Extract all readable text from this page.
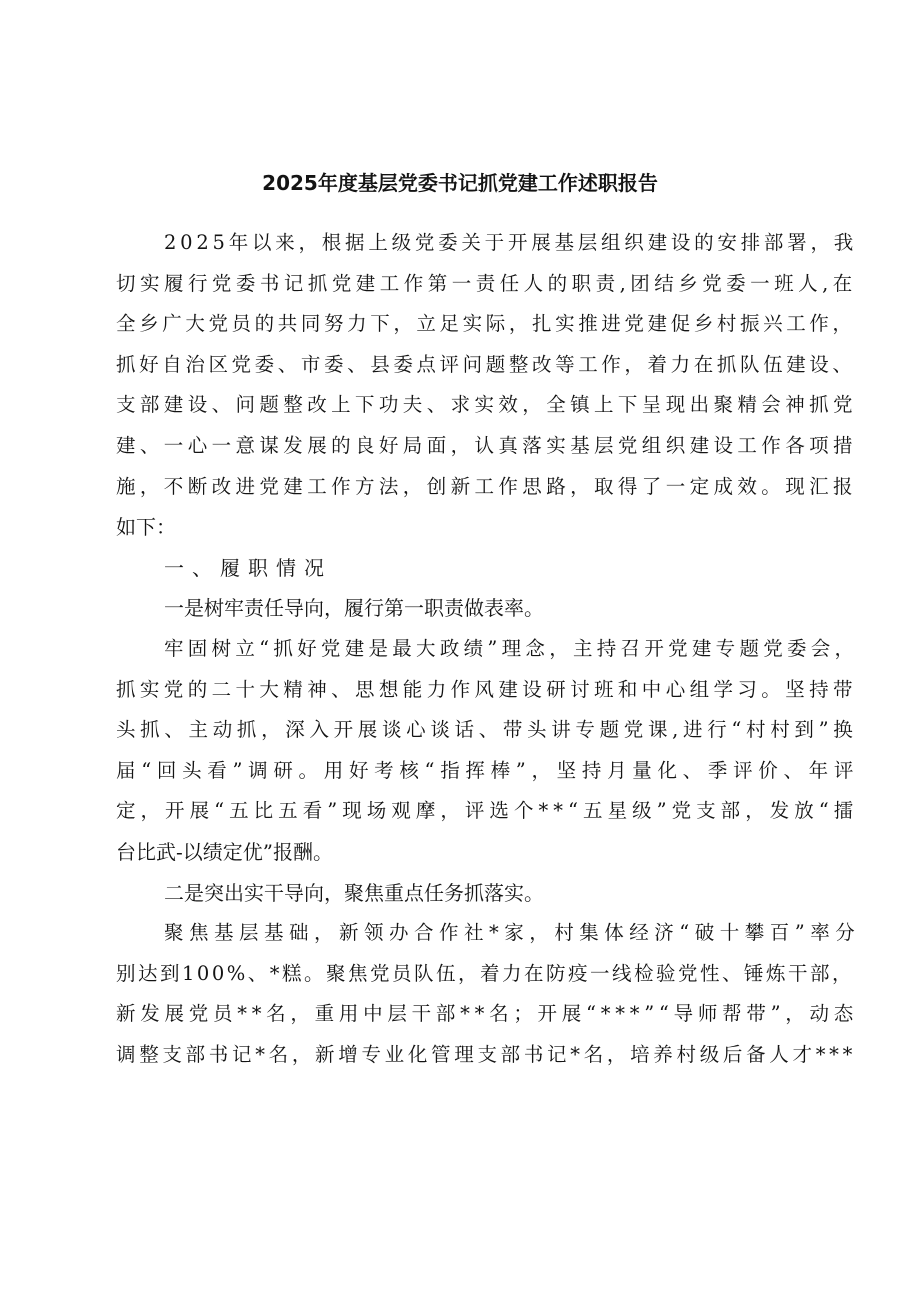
2025年度基层党委书记抓党建工作述职报告
2025年以来，根据上级党委关于开展基层组织建设的安排部署，我
切实履行党委书记抓党建工作第一责任人的职责,团结乡党委一班人,在
全乡广大党员的共同努力下，立足实际，扎实推进党建促乡村振兴工作，
抓好自治区党委、市委、县委点评问题整改等工作，着力在抓队伍建设、
支部建设、问题整改上下功夫、求实效，全镇上下呈现出聚精会神抓党
建、一心一意谋发展的良好局面，认真落实基层党组织建设工作各项措
施，不断改进党建工作方法，创新工作思路，取得了一定成效。现汇报
如下：
一、履职情况
一是树牢责任导向，履行第一职责做表率。
牢固树立“抓好党建是最大政绩”理念，主持召开党建专题党委会，
抓实党的二十大精神、思想能力作风建设研讨班和中心组学习。坚持带
头抓、主动抓，深入开展谈心谈话、带头讲专题党课,进行“村村到”换
届“回头看”调研。用好考核“指挥棒”，坚持月量化、季评价、年评
定，开展“五比五看”现场观摩，评选个**“五星级”党支部，发放“擂
台比武-以绩定优”报酬。
二是突出实干导向，聚焦重点任务抓落实。
聚焦基层基础，新领办合作社*家，村集体经济“破十攀百”率分
别达到100%、*糕。聚焦党员队伍，着力在防疫一线检验党性、锤炼干部，
新发展党员**名，重用中层干部**名；开展“***”“导师帮带”，动态
调整支部书记*名，新增专业化管理支部书记*名，培养村级后备人才***
